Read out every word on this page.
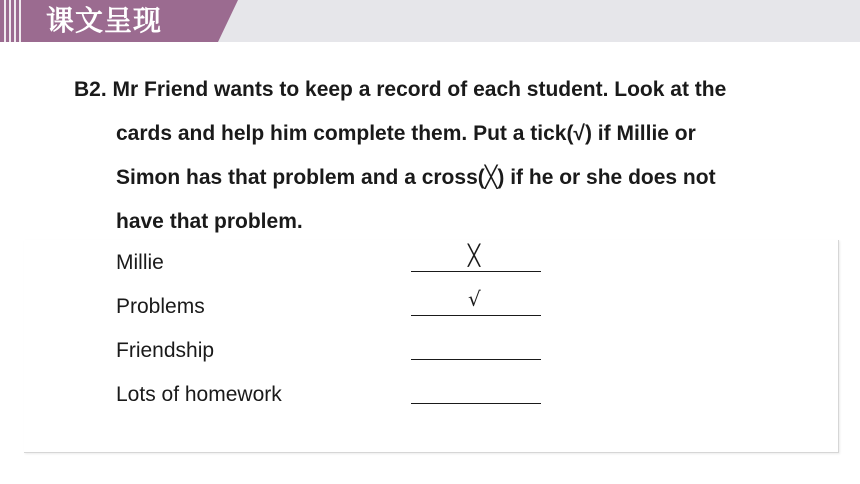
课文呈现
B2. Mr Friend wants to keep a record of each student. Look at the
cards and help him complete them. Put a tick(√) if Millie or
Simon has that problem and a cross(╳) if he or she does not
have that problem.
Millie	╳
Problems	√
Friendship
Lots of homework
